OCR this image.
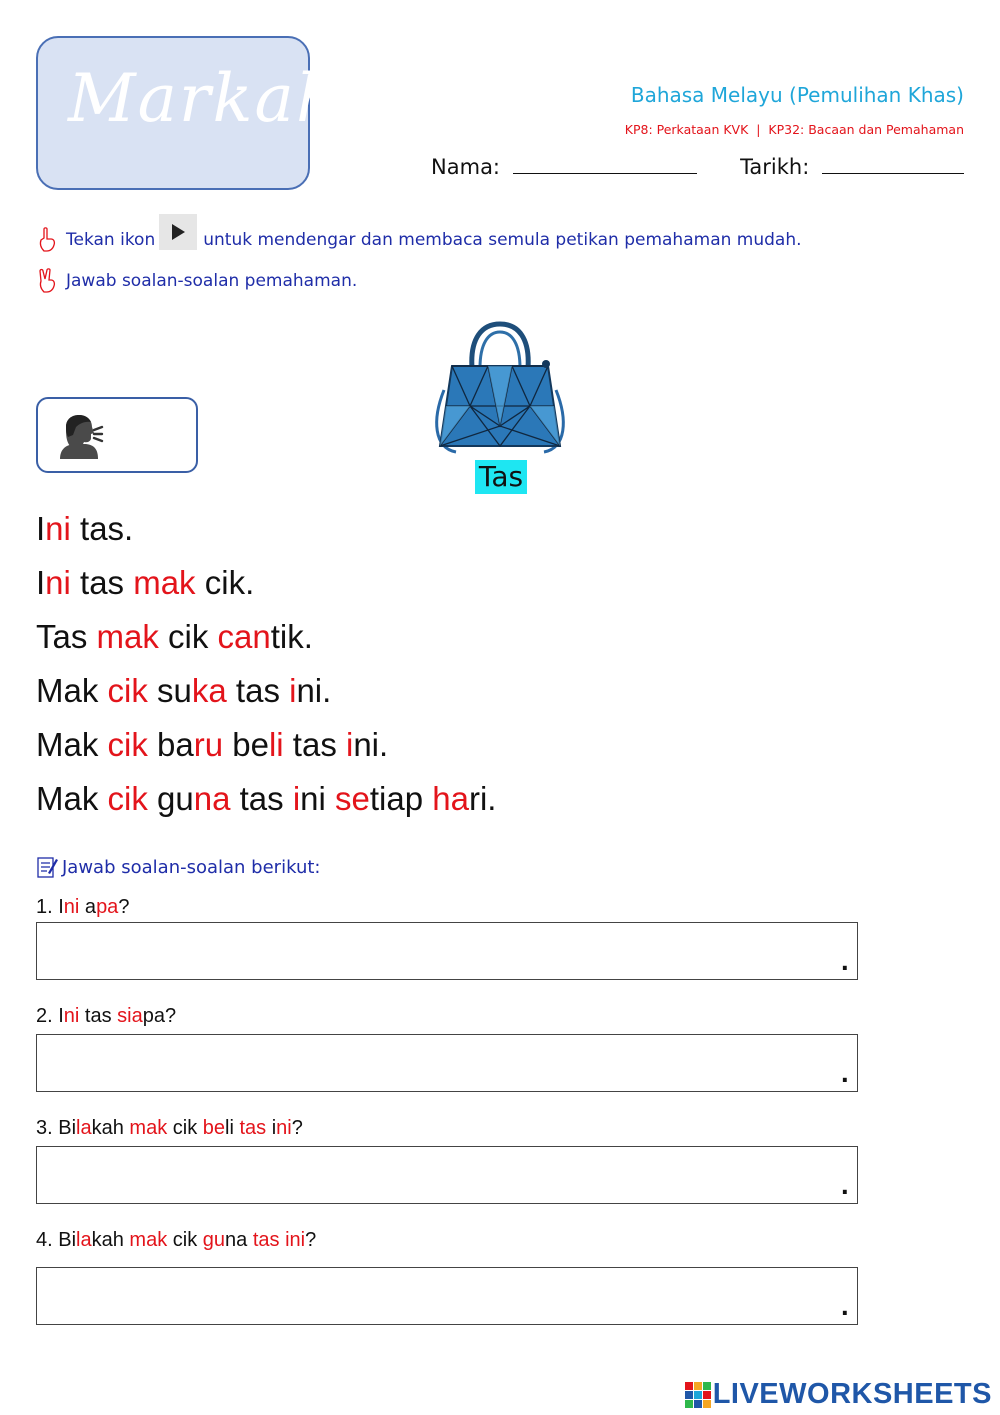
Markah	Bahasa Melayu (Pemulihan Khas)
KP8: Perkataan KVK  |  KP32: Bacaan dan Pemahaman
Nama:	Tarikh:
Tekan ikon	untuk mendengar dan membaca semula petikan pemahaman mudah.
Jawab soalan-soalan pemahaman.
Tas
Ini tas.
Ini tas mak cik.
Tas mak cik cantik.
Mak cik suka tas ini.
Mak cik baru beli tas ini.
Mak cik guna tas ini setiap hari.
Jawab soalan-soalan berikut:
1. Ini apa?
.
2. Ini tas siapa?
.
3. Bilakah mak cik beli tas ini?
.
4. Bilakah mak cik guna tas ini?
.
LIVEWORKSHEETS
